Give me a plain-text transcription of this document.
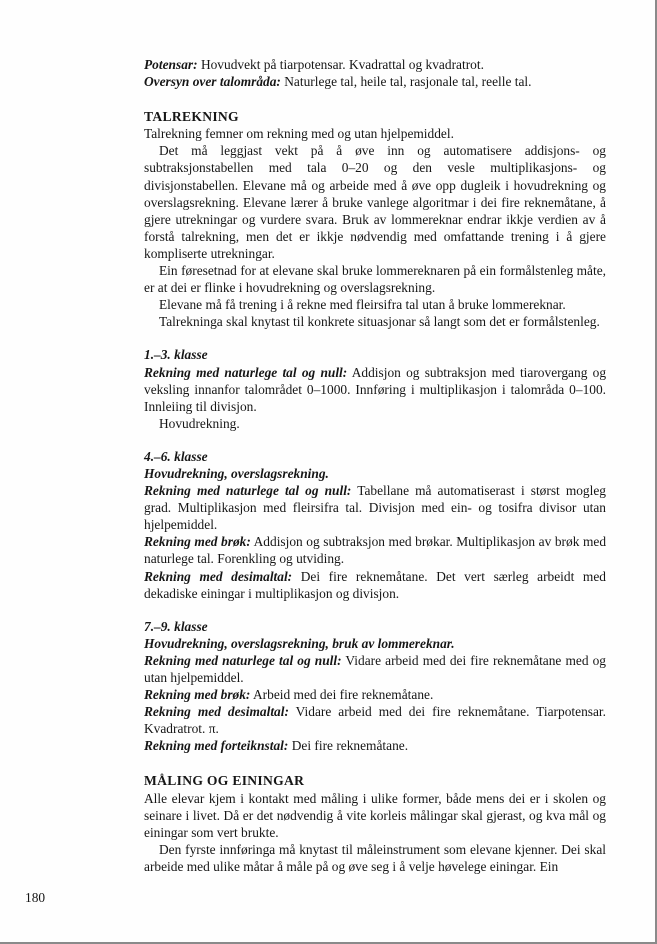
Potensar: Hovudvekt på tiarpotensar. Kvadrattal og kvadratrot.

Oversyn over talområda: Naturlege tal, heile tal, rasjonale tal, reelle tal.

TALREKNING

Talrekning femner om rekning med og utan hjelpemiddel.

Det må leggjast vekt på å øve inn og automatisere addisjons- og subtraksjonstabellen med tala 0–20 og den vesle multiplikasjons- og divisjonstabellen. Elevane må og arbeide med å øve opp dugleik i hovudrekning og overslagsrekning. Elevane lærer å bruke vanlege algoritmar i dei fire reknemåtane, å gjere utrekningar og vurdere svara. Bruk av lommereknar endrar ikkje verdien av å forstå talrekning, men det er ikkje nødvendig med omfattande trening i å gjere kompliserte utrekningar.

Ein føresetnad for at elevane skal bruke lommereknaren på ein formålstenleg måte, er at dei er flinke i hovudrekning og overslagsrekning.

Elevane må få trening i å rekne med fleirsifra tal utan å bruke lommereknar.

Talrekninga skal knytast til konkrete situasjonar så langt som det er formålstenleg.

1.–3. klasse

Rekning med naturlege tal og null: Addisjon og subtraksjon med tiarovergang og veksling innanfor talområdet 0–1000. Innføring i multiplikasjon i talområda 0–100. Innleiing til divisjon.

Hovudrekning.

4.–6. klasse
Hovudrekning, overslagsrekning.

Rekning med naturlege tal og null: Tabellane må automatiserast i størst mogleg grad. Multiplikasjon med fleirsifra tal. Divisjon med ein- og tosifra divisor utan hjelpemiddel.

Rekning med brøk: Addisjon og subtraksjon med brøkar. Multiplikasjon av brøk med naturlege tal. Forenkling og utviding.

Rekning med desimaltal: Dei fire reknemåtane. Det vert særleg arbeidt med dekadiske einingar i multiplikasjon og divisjon.

7.–9. klasse
Hovudrekning, overslagsrekning, bruk av lommereknar.

Rekning med naturlege tal og null: Vidare arbeid med dei fire reknemåtane med og utan hjelpemiddel.

Rekning med brøk: Arbeid med dei fire reknemåtane.

Rekning med desimaltal: Vidare arbeid med dei fire reknemåtane. Tiarpotensar. Kvadratrot. π.

Rekning med forteiknstal: Dei fire reknemåtane.

MÅLING OG EININGAR

Alle elevar kjem i kontakt med måling i ulike former, både mens dei er i skolen og seinare i livet. Då er det nødvendig å vite korleis målingar skal gjerast, og kva mål og einingar som vert brukte.

Den fyrste innføringa må knytast til måleinstrument som elevane kjenner. Dei skal arbeide med ulike måtar å måle på og øve seg i å velje høvelege einingar. Ein

180
